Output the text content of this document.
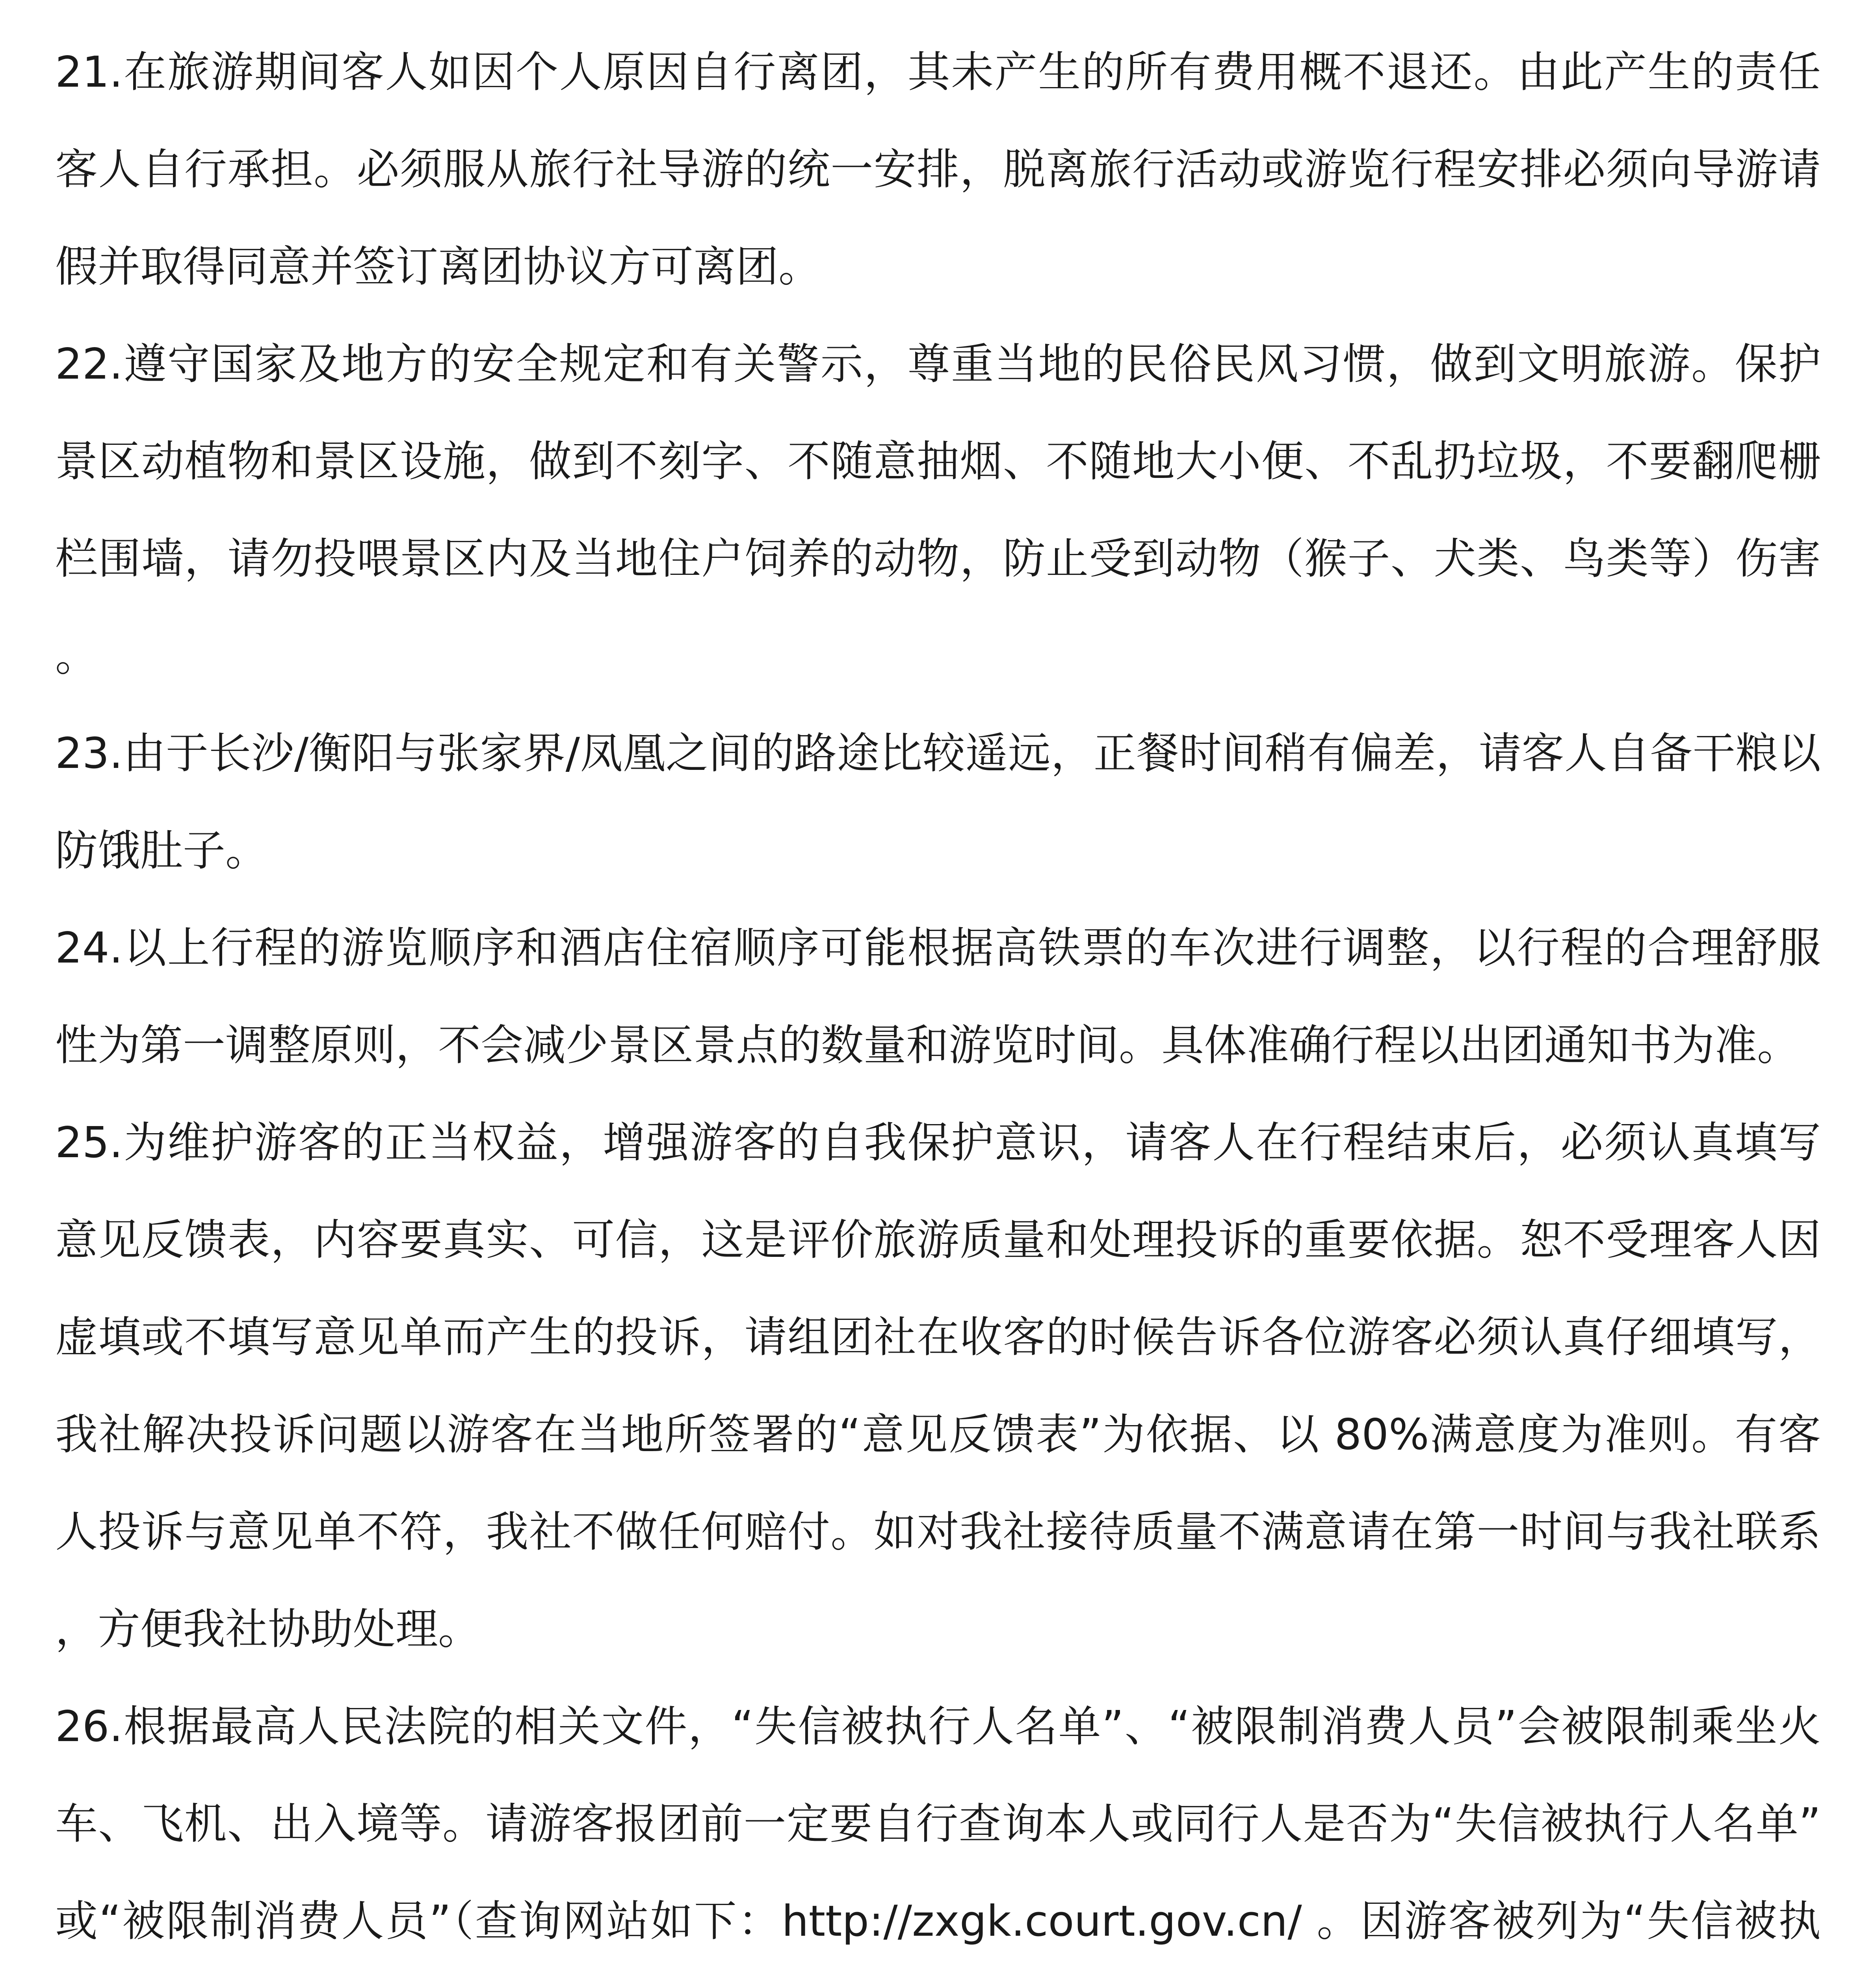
21.在旅游期间客人如因个人原因自行离团，其未产生的所有费用概不退还。由此产生的责任客人自行承担。必须服从旅行社导游的统一安排，脱离旅行活动或游览行程安排必须向导游请假并取得同意并签订离团协议方可离团。

22.遵守国家及地方的安全规定和有关警示，尊重当地的民俗民风习惯，做到文明旅游。保护景区动植物和景区设施，做到不刻字、不随意抽烟、不随地大小便、不乱扔垃圾，不要翻爬栅栏围墙，请勿投喂景区内及当地住户饲养的动物，防止受到动物（猴子、犬类、鸟类等）伤害。

23.由于长沙/衡阳与张家界/凤凰之间的路途比较遥远，正餐时间稍有偏差，请客人自备干粮以防饿肚子。

24.以上行程的游览顺序和酒店住宿顺序可能根据高铁票的车次进行调整，以行程的合理舒服性为第一调整原则，不会减少景区景点的数量和游览时间。具体准确行程以出团通知书为准。

25.为维护游客的正当权益，增强游客的自我保护意识，请客人在行程结束后，必须认真填写意见反馈表，内容要真实、可信，这是评价旅游质量和处理投诉的重要依据。恕不受理客人因虚填或不填写意见单而产生的投诉，请组团社在收客的时候告诉各位游客必须认真仔细填写，我社解决投诉问题以游客在当地所签署的“意见反馈表”为依据、以 80%满意度为准则。有客人投诉与意见单不符，我社不做任何赔付。如对我社接待质量不满意请在第一时间与我社联系，方便我社协助处理。

26.根据最高人民法院的相关文件，“失信被执行人名单”、“被限制消费人员”会被限制乘坐火车、飞机、出入境等。请游客报团前一定要自行查询本人或同行人是否为“失信被执行人名单”或“被限制消费人员”（查询网站如下：http://zxgk.court.gov.cn/ 。因游客被列为“失信被执
